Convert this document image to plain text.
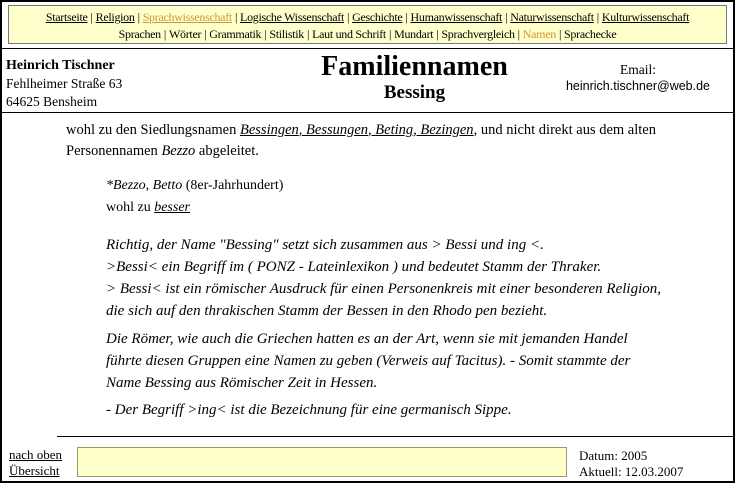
Startseite | Religion | Sprachwissenschaft | Logische Wissenschaft | Geschichte | Humanwissenschaft | Naturwissenschaft | Kulturwissenschaft
Sprachen | Wörter | Grammatik | Stilistik | Laut und Schrift | Mundart | Sprachvergleich | Namen | Sprachecke
Heinrich Tischner
Fehlheimer Straße 63
64625 Bensheim
Familiennamen
Bessing
Email:
heinrich.tischner@web.de
wohl zu den Siedlungsnamen Bessingen, Bessungen, Beting, Bezingen, und nicht direkt aus dem alten
Personennamen Bezzo abgeleitet.
*Bezzo, Betto (8er-Jahrhundert)
wohl zu besser
Richtig, der Name "Bessing" setzt sich zusammen aus > Bessi und ing <.
>Bessi< ein Begriff im ( PONZ - Lateinlexikon ) und bedeutet Stamm der Thraker.
> Bessi< ist ein römischer Ausdruck für einen Personenkreis mit einer besonderen Religion,
die sich auf den thrakischen Stamm der Bessen in den Rhodo pen bezieht.
Die Römer, wie auch die Griechen hatten es an der Art, wenn sie mit jemanden Handel
führte diesen Gruppen eine Namen zu geben (Verweis auf Tacitus). - Somit stammte der
Name Bessing aus Römischer Zeit in Hessen.
- Der Begriff >ing< ist die Bezeichnung für eine germanisch Sippe.
nach oben
Übersicht
Datum: 2005
Aktuell: 12.03.2007
